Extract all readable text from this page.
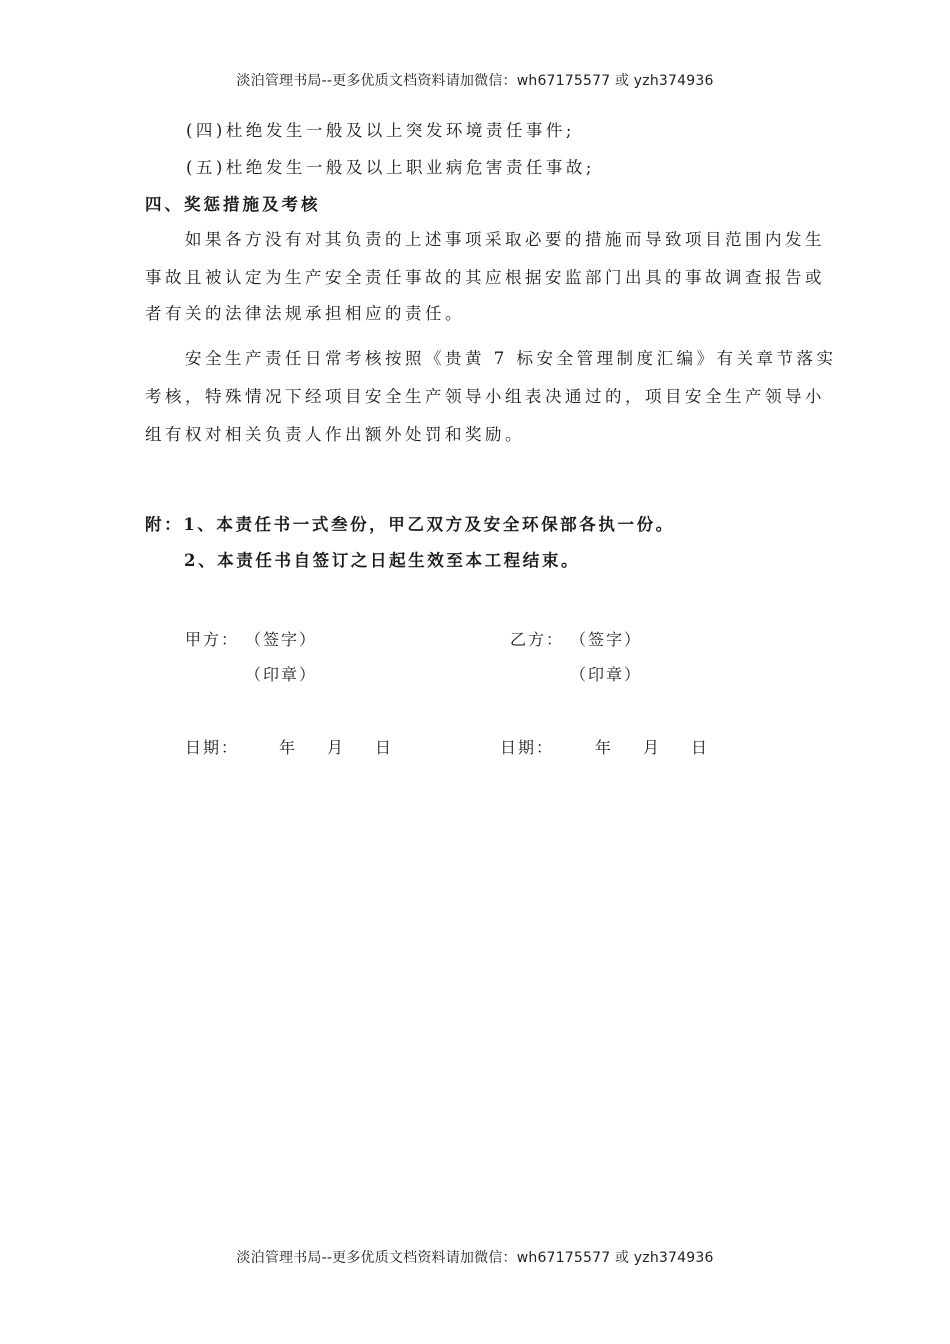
淡泊管理书局--更多优质文档资料请加微信：wh67175577 或 yzh374936
(四)杜绝发生一般及以上突发环境责任事件;
(五)杜绝发生一般及以上职业病危害责任事故;
四、奖惩措施及考核
如果各方没有对其负责的上述事项采取必要的措施而导致项目范围内发生
事故且被认定为生产安全责任事故的其应根据安监部门出具的事故调查报告或
者有关的法律法规承担相应的责任。
安全生产责任日常考核按照《贵黄 7 标安全管理制度汇编》有关章节落实
考核，特殊情况下经项目安全生产领导小组表决通过的，项目安全生产领导小
组有权对相关负责人作出额外处罚和奖励。
附：1、本责任书一式叁份，甲乙双方及安全环保部各执一份。
2、本责任书自签订之日起生效至本工程结束。
甲方： （签字）
（印章）
乙方： （签字）
（印章）
日期： 年 月 日	日期：	年 月 日
淡泊管理书局--更多优质文档资料请加微信：wh67175577 或 yzh374936
